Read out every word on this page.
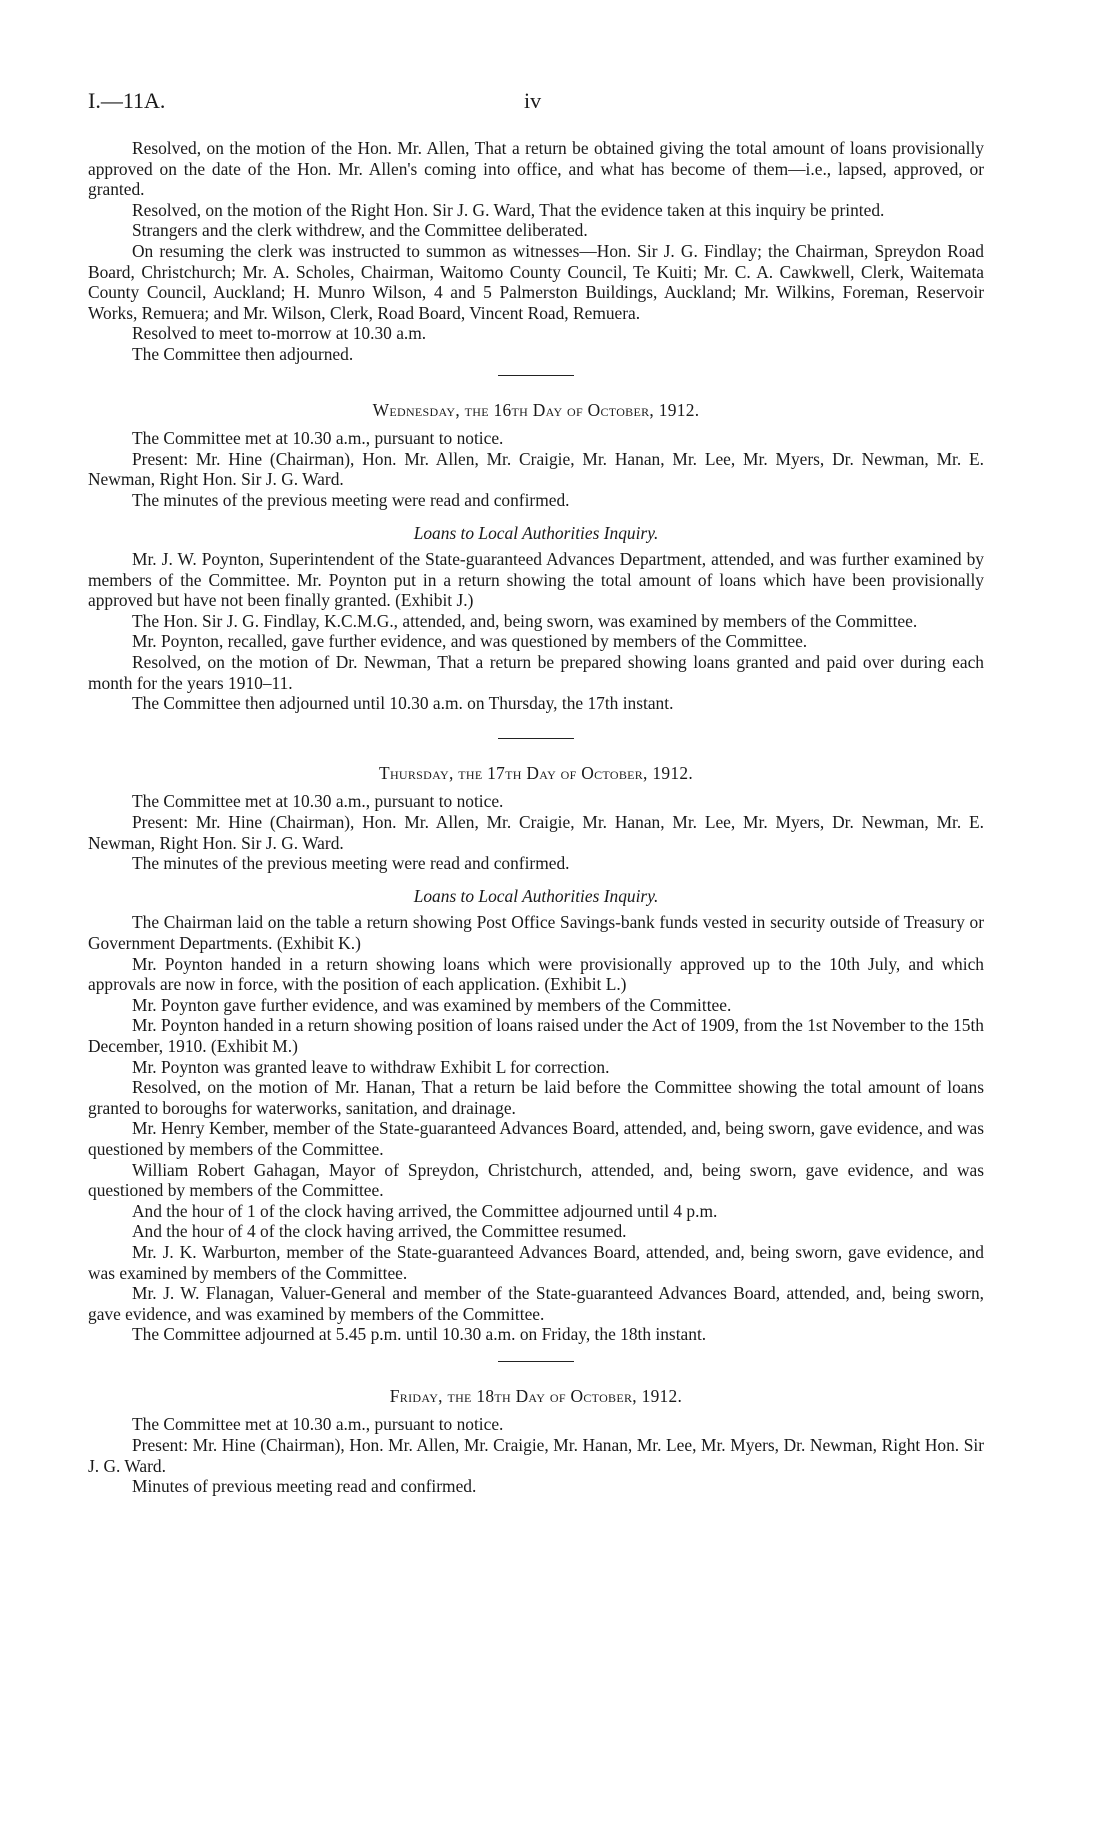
I.—11A.	iv

Resolved, on the motion of the Hon. Mr. Allen, That a return be obtained giving the total amount of loans provisionally approved on the date of the Hon. Mr. Allen's coming into office, and what has become of them—i.e., lapsed, approved, or granted.

Resolved, on the motion of the Right Hon. Sir J. G. Ward, That the evidence taken at this inquiry be printed.

Strangers and the clerk withdrew, and the Committee deliberated.

On resuming the clerk was instructed to summon as witnesses—Hon. Sir J. G. Findlay; the Chairman, Spreydon Road Board, Christchurch; Mr. A. Scholes, Chairman, Waitomo County Council, Te Kuiti; Mr. C. A. Cawkwell, Clerk, Waitemata County Council, Auckland; H. Munro Wilson, 4 and 5 Palmerston Buildings, Auckland; Mr. Wilkins, Foreman, Reservoir Works, Remuera; and Mr. Wilson, Clerk, Road Board, Vincent Road, Remuera.

Resolved to meet to-morrow at 10.30 a.m.

The Committee then adjourned.

Wednesday, the 16th Day of October, 1912.

The Committee met at 10.30 a.m., pursuant to notice.

Present: Mr. Hine (Chairman), Hon. Mr. Allen, Mr. Craigie, Mr. Hanan, Mr. Lee, Mr. Myers, Dr. Newman, Mr. E. Newman, Right Hon. Sir J. G. Ward.

The minutes of the previous meeting were read and confirmed.

Loans to Local Authorities Inquiry.

Mr. J. W. Poynton, Superintendent of the State-guaranteed Advances Department, attended, and was further examined by members of the Committee. Mr. Poynton put in a return showing the total amount of loans which have been provisionally approved but have not been finally granted. (Exhibit J.)

The Hon. Sir J. G. Findlay, K.C.M.G., attended, and, being sworn, was examined by members of the Committee.

Mr. Poynton, recalled, gave further evidence, and was questioned by members of the Committee.

Resolved, on the motion of Dr. Newman, That a return be prepared showing loans granted and paid over during each month for the years 1910–11.

The Committee then adjourned until 10.30 a.m. on Thursday, the 17th instant.

Thursday, the 17th Day of October, 1912.

The Committee met at 10.30 a.m., pursuant to notice.

Present: Mr. Hine (Chairman), Hon. Mr. Allen, Mr. Craigie, Mr. Hanan, Mr. Lee, Mr. Myers, Dr. Newman, Mr. E. Newman, Right Hon. Sir J. G. Ward.

The minutes of the previous meeting were read and confirmed.

Loans to Local Authorities Inquiry.

The Chairman laid on the table a return showing Post Office Savings-bank funds vested in security outside of Treasury or Government Departments. (Exhibit K.)

Mr. Poynton handed in a return showing loans which were provisionally approved up to the 10th July, and which approvals are now in force, with the position of each application. (Exhibit L.)

Mr. Poynton gave further evidence, and was examined by members of the Committee.

Mr. Poynton handed in a return showing position of loans raised under the Act of 1909, from the 1st November to the 15th December, 1910. (Exhibit M.)

Mr. Poynton was granted leave to withdraw Exhibit L for correction.

Resolved, on the motion of Mr. Hanan, That a return be laid before the Committee showing the total amount of loans granted to boroughs for waterworks, sanitation, and drainage.

Mr. Henry Kember, member of the State-guaranteed Advances Board, attended, and, being sworn, gave evidence, and was questioned by members of the Committee.

William Robert Gahagan, Mayor of Spreydon, Christchurch, attended, and, being sworn, gave evidence, and was questioned by members of the Committee.

And the hour of 1 of the clock having arrived, the Committee adjourned until 4 p.m.

And the hour of 4 of the clock having arrived, the Committee resumed.

Mr. J. K. Warburton, member of the State-guaranteed Advances Board, attended, and, being sworn, gave evidence, and was examined by members of the Committee.

Mr. J. W. Flanagan, Valuer-General and member of the State-guaranteed Advances Board, attended, and, being sworn, gave evidence, and was examined by members of the Committee.

The Committee adjourned at 5.45 p.m. until 10.30 a.m. on Friday, the 18th instant.

Friday, the 18th Day of October, 1912.

The Committee met at 10.30 a.m., pursuant to notice.

Present: Mr. Hine (Chairman), Hon. Mr. Allen, Mr. Craigie, Mr. Hanan, Mr. Lee, Mr. Myers, Dr. Newman, Right Hon. Sir J. G. Ward.

Minutes of previous meeting read and confirmed.
